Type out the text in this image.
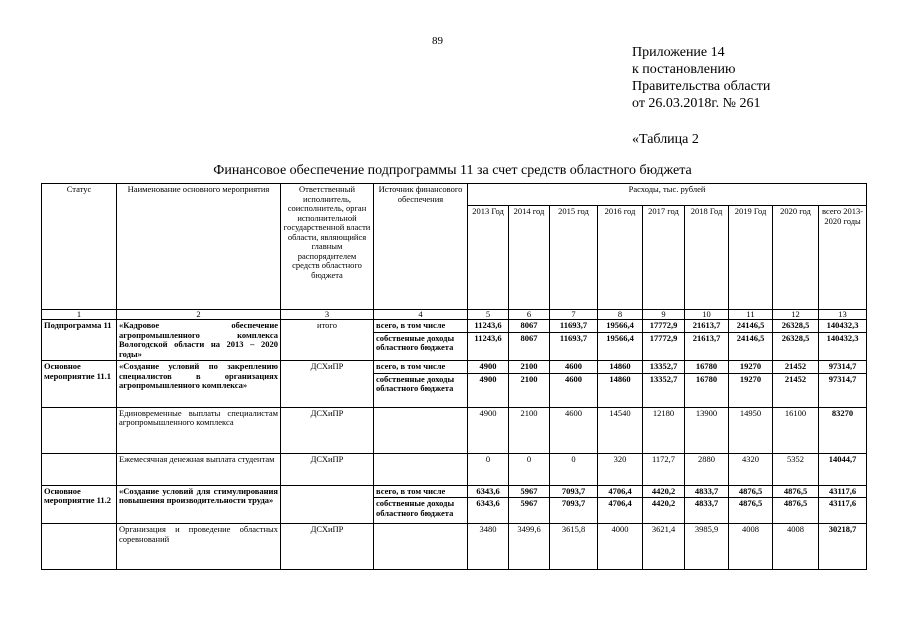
89
Приложение 14
к постановлению
Правительства области
от 26.03.2018г. № 261
«Таблица 2
Финансовое обеспечение подпрограммы 11 за счет средств областного бюджета
Статус	Наименование основного мероприятия	Ответственный исполнитель, соисполнитель, орган исполнительной государственной власти области, являющийся главным распорядителем средств областного бюджета	Источник финансового обеспечения	Расходы, тыс. рублей								
				2013 Год	2014 год	2015 год	2016 год	2017 год	2018 Год	2019 Год	2020 год	всего 2013-2020 годы
1	2	3	4	5	6	7	8	9	10	11	12	13
Подпрограмма 11	«Кадровое обеспечение агропромышленного комплекса Вологодской области на 2013 – 2020 годы»	итого	всего, в том числе	11243,6	8067	11693,7	19566,4	17772,9	21613,7	24146,5	26328,5	140432,3
			собственные доходы областного бюджета	11243,6	8067	11693,7	19566,4	17772,9	21613,7	24146,5	26328,5	140432,3
Основное мероприятие 11.1	«Создание условий по закреплению специалистов в организациях агропромышленного комплекса»	ДСХиПР	всего, в том числе	4900	2100	4600	14860	13352,7	16780	19270	21452	97314,7
			собственные доходы областного бюджета	4900	2100	4600	14860	13352,7	16780	19270	21452	97314,7
	Единовременные выплаты специалистам агропромышленного комплекса	ДСХиПР		4900	2100	4600	14540	12180	13900	14950	16100	83270
	Ежемесячная денежная выплата студентам	ДСХиПР		0	0	0	320	1172,7	2880	4320	5352	14044,7
Основное мероприятие 11.2	«Создание условий для стимулирования повышения производительности труда»		всего, в том числе	6343,6	5967	7093,7	4706,4	4420,2	4833,7	4876,5	4876,5	43117,6
			собственные доходы областного бюджета	6343,6	5967	7093,7	4706,4	4420,2	4833,7	4876,5	4876,5	43117,6
	Организация и проведение областных соревнований	ДСХиПР		3480	3499,6	3615,8	4000	3621,4	3985,9	4008	4008	30218,7
